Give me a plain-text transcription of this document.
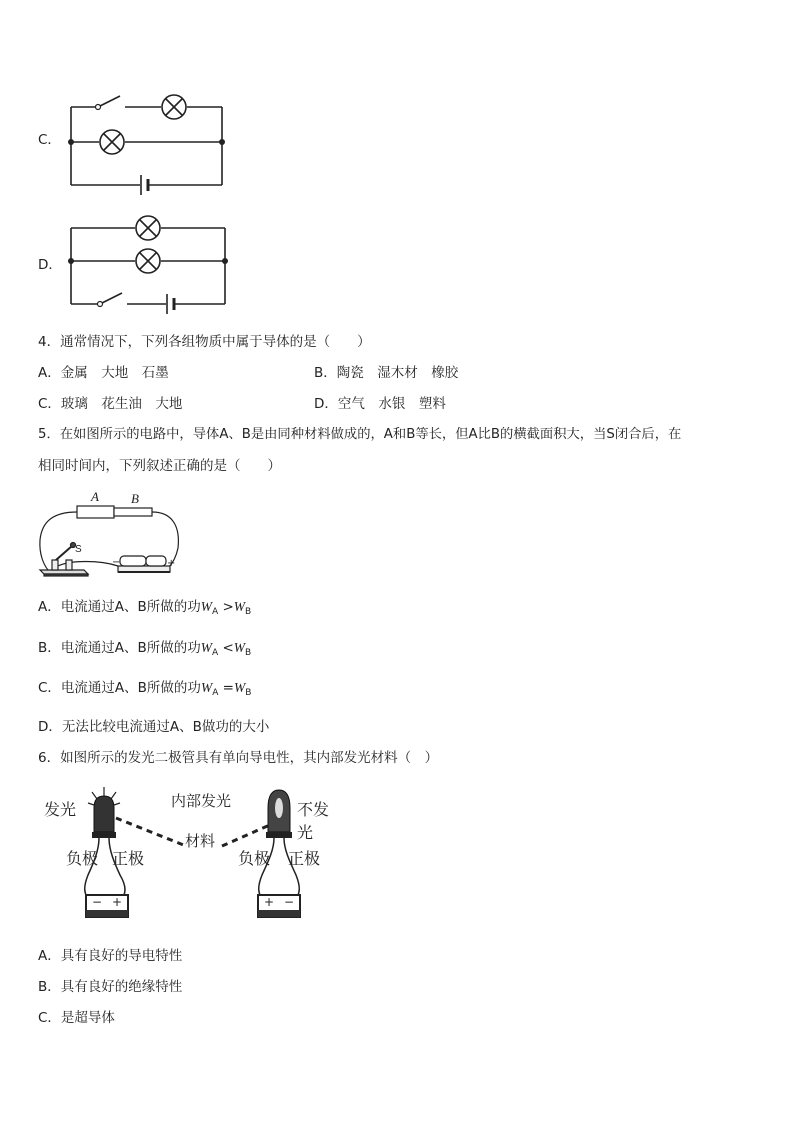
C．
D．
4．通常情况下，下列各组物质中属于导体的是（　　）
A．金属　大地　石墨	B．陶瓷　湿木材　橡胶
C．玻璃　花生油　大地	D．空气　水银　塑料
5．在如图所示的电路中，导体A、B是由同种材料做成的，A和B等长，但A比B的横截面积大，当S闭合后，在
相同时间内，下列叙述正确的是（　　）
A B
S
−	+
A．电流通过A、B所做的功$W_A >W_B$
B．电流通过A、B所做的功$W_A <W_B$
C．电流通过A、B所做的功$W_A =W_B$
D．无法比较电流通过A、B做功的大小
6．如图所示的发光二极管具有单向导电性，其内部发光材料（　）
− +	+ −
发光	内部发光
材料
不发光
负极 正极	负极 正极
A．具有良好的导电特性
B．具有良好的绝缘特性
C．是超导体
